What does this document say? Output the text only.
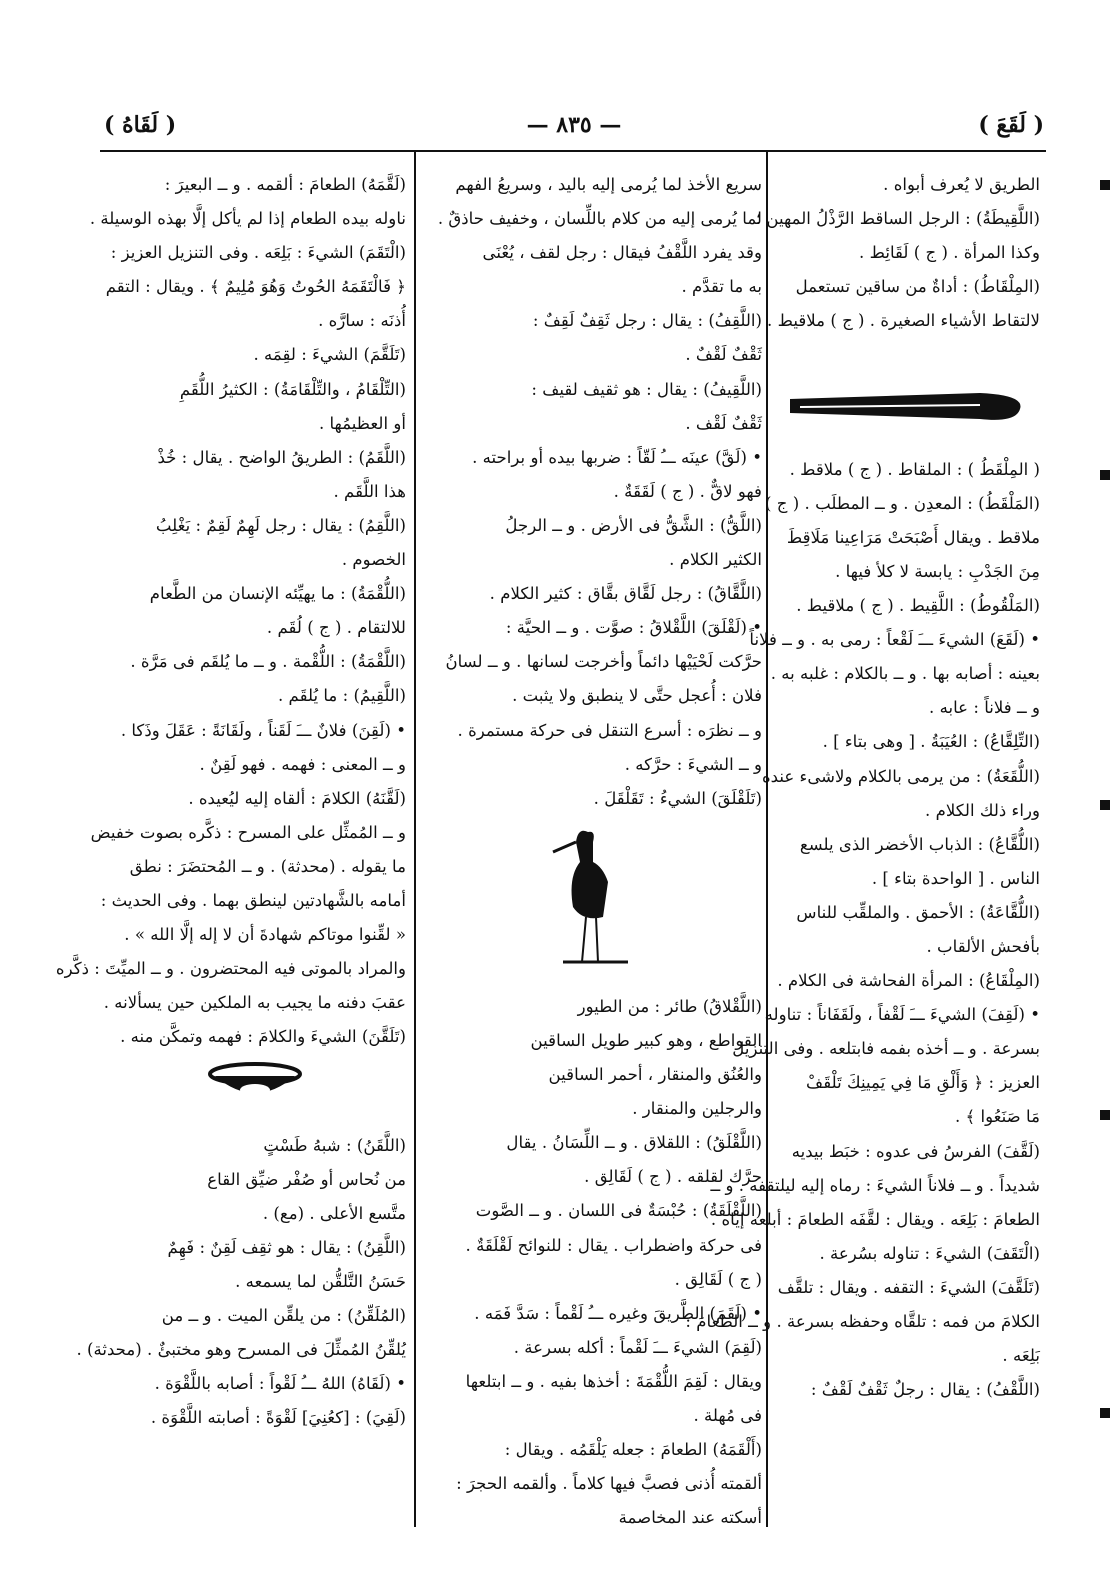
( لَقَعَ )
— ٨٣٥ —
( لَقَاهُ )
الطريق لا يُعرف أبواه .
(اللَّقِيطَةُ) : الرجل الساقط الرَّذْلُ المهين ؛
وكذا المرأة . ( ج ) لَقَائِط .
(المِلْقَاطُ) : أداةٌ من ساقين تستعمل
لالتقاط الأشياء الصغيرة . ( ج ) ملاقيط .

( المِلْقَطُ ) : الملقاط . ( ج ) ملاقط .
(المَلْقَطُ) : المعدِن . و ــ المطلَب . ( ج )
ملاقط . ويقال أَصْبَحَتْ مَرَاعِينا مَلَاقِطَ
مِنَ الجَدْبِ : يابسة لا كلأ فيها .
(المَلْقُوطُ) : اللَّقِيط . ( ج ) ملاقيط .
• (لَقَعَ) الشيءَ ـــَ لَقْعاً : رمى به . و ــ فلاناً
بعينه : أصابه بها . و ــ بالكلام : غلبه به .
و ــ فلاناً : عابه .
(التِّلِقَّاعُ) : العُيَبَةُ . [ وهى بتاء ] .
(اللُّقَعَةُ) : من يرمى بالكلام ولاشىء عنده
وراء ذلك الكلام .
(اللُّقَّاعُ) : الذباب الأخضر الذى يلسع
الناس . [ الواحدة بتاء ] .
(اللُّقَّاعَةُ) : الأحمق . والملقِّب للناس
بأفحش الألقاب .
(المِلْقَاعُ) : المرأة الفحاشة فى الكلام .
• (لَقِفَ) الشيءَ ـــَ لَقْفاً ، ولَقَفَاناً : تناوله
بسرعة . و ــ أخذه بفمه فابتلعه . وفى التنزيل
العزيز : ﴿ وَأَلْقِ مَا فِي يَمِينِكَ تَلْقَفْ
مَا صَنَعُوا ﴾ .
(لَقَّفَ) الفرسُ فى عدوه : خبَط بيديه
شديداً . و ــ فلاناً الشيءَ : رماه إليه ليلتقفه . و ــ
الطعامَ : بَلِعَه . ويقال : لقَّفَه الطعامَ : أبلعه إياه .
(الْتَقَفَ) الشيءَ : تناوله بسُرعة .
(تَلَقَّفَ) الشيءَ : التقفه . ويقال : تلقَّف
الكلامَ من فمه : تلقَّاه وحفظه بسرعة . و ــ الطعامَ :
بَلِعَه .
(اللَّقْفُ) : يقال : رجلٌ ثَقْفٌ لَقْفٌ :
سريع الأخذ لما يُرمى إليه باليد ، وسريعُ الفهم
لما يُرمى إليه من كلام باللِّسان ، وخفيف حاذقٌ .
وقد يفرد اللَّقْفُ فيقال : رجل لقف ، يُعْنَى
به ما تقدَّم .
(اللَّقِفُ) : يقال : رجل ثَقِفٌ لَقِفٌ :
ثَقْفٌ لَقْفٌ .
(اللَّقِيفُ) : يقال : هو ثقيف لقيف :
ثَقْفٌ لَقْف .
• (لَقَّ) عينَه ـــُ لَقّاً : ضربها بيده أو براحته .
فهو لاقٌّ . ( ج ) لَقَقَةٌ .
(اللَّقُّ) : الشَّقُّ فى الأرض . و ــ الرجلُ
الكثير الكلام .
(اللَّقَّاقُ) : رجل لَقَّاق بقَّاق : كثير الكلام .
• (لَقْلَقَ) اللَّقْلاقُ : صوَّت . و ــ الحيَّة :
حرَّكت لَحْيَيْها دائماً وأخرجت لسانها . و ــ لسانُ
فلان : أُعجل حتَّى لا ينطبق ولا يثبت .
و ــ نظرَه : أسرع التنقل فى حركة مستمرة .
و ــ الشيءَ : حرَّكه .
(تَلَقْلَقَ) الشيءُ : تَقَلْقَلَ .
(اللَّقْلاقُ) طائر : من الطيور
القواطع ، وهو كبير طويل الساقين
والعُنُق والمنقار ، أحمر الساقين
والرجلين والمنقار .
(اللَّقْلَقُ) : اللقلاق . و ــ اللِّسَانُ . يقال
حرَّك لقلقه . ( ج ) لَقَالِق .
(اللَّقْلَقَةُ) : حُبْسَةٌ فى اللسان . و ــ الصَّوت
فى حركة واضطراب . يقال : للنوائح لَقْلَقَةٌ .
( ج ) لَقَالِق .
• (لَقَمَ) الطَّريقَ وغيره ـــُ لَقْماً : سَدَّ فَمَه .
(لَقِمَ) الشيءَ ـــَ لَقْماً : أكله بسرعة .
ويقال : لَقِمَ اللُّقْمَةَ : أخذها بفيه . و ــ ابتلعها
فى مُهلة .
(أَلْقَمَهُ) الطعامَ : جعله يَلْقَمُه . ويقال :
ألقمته أُذنى فصبَّ فيها كلاماً . وألقمه الحجرَ :
أسكته عند المخاصمة
(لَقَّمَهُ) الطعامَ : ألقمه . و ــ البعيرَ :
ناوله بيده الطعام إذا لم يأكل إلَّا بهذه الوسيلة .
(الْتَقَمَ) الشيءَ : بَلِعَه . وفى التنزيل العزيز :
﴿ فَالْتَقَمَهُ الحُوتُ وَهُوَ مُلِيمٌ ﴾ . ويقال : التقم
أُذنَه : سارَّه .
(تَلَقَّمَ) الشيءَ : لقِمَه .
(التِّلْقَامُ ، والتِّلْقَامَةُ) : الكثيرُ اللُّقَمِ
أو العظيمُها .
(اللَّقَمُ) : الطريقُ الواضح . يقال : خُذْ
هذا اللَّقَم .
(اللَّقِمُ) : يقال : رجل لَهِمٌ لَقِمٌ : يَغْلِبُ
الخصوم .
(اللُّقْمَةُ) : ما يهيِّئه الإنسان من الطَّعام
للالتقام . ( ج ) لُقَم .
(اللَّقْمَةُ) : اللُّقْمة . و ــ ما يُلقَم فى مَرَّة .
(اللَّقِيمُ) : ما يُلقَم .
• (لَقِنَ) فلانٌ ـــَ لَقَناً ، ولَقَانَةً : عَقَلَ وذَكا .
و ــ المعنى : فهمه . فهو لَقِنٌ .
(لَقَّنَهُ) الكلامَ : ألقاه إليه ليُعيده .
و ــ المُمثِّل على المسرح : ذكَّره بصوت خفيض
ما يقوله . (محدثة) . و ــ المُحتضَرَ : نطق
أمامه بالشَّهادتين لينطق بهما . وفى الحديث :
« لقِّنوا موتاكم شهادةَ أن لا إله إلَّا الله » .
والمراد بالموتى فيه المحتضرون . و ــ الميِّتَ : ذكَّره
عقبَ دفنه ما يجيب به الملكين حين يسألانه .
(تَلَقَّنَ) الشيءَ والكلامَ : فهمه وتمكَّن منه .
(اللَّقَنُ) : شبهُ طَسْتٍ
من نُحاس أو صُفْر ضيِّق القاع
متَّسع الأعلى . (مع) .
(اللَّقِنُ) : يقال : هو ثقِف لَقِنٌ : فَهِمٌ
حَسَنُ التَّلقُّن لما يسمعه .
(المُلَقِّنُ) : من يلقِّن الميت . و ــ من
يُلقِّنُ المُمثِّلَ فى المسرح وهو مختبئٌ . (محدثة) .
• (لَقَاهُ) اللهُ ـــُ لَقْواً : أصابه باللَّقْوَة .
(لَقِيَ) : [كعُنِيَ] لَقْوَةً : أصابته اللَّقْوَة .
